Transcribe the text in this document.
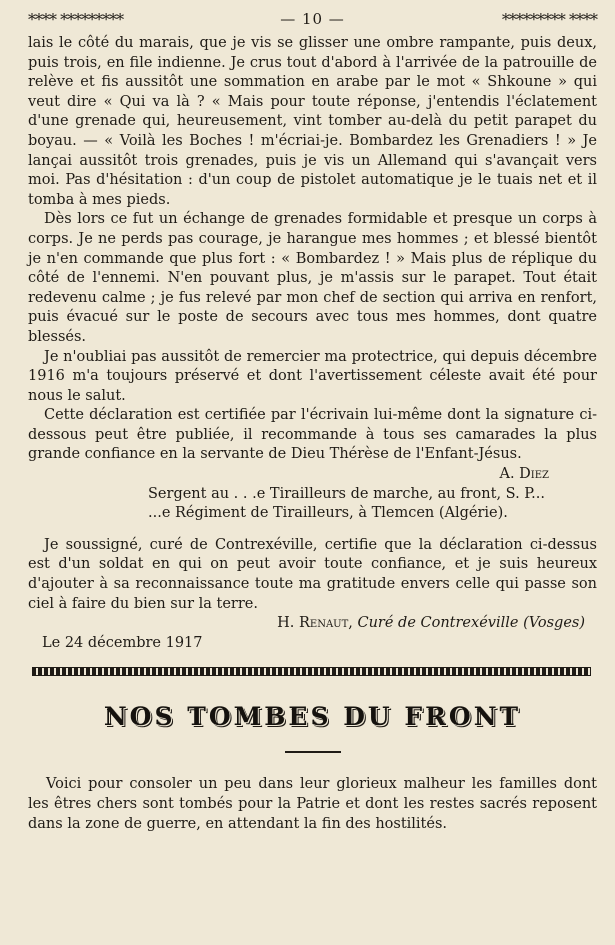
**** *********	— 10 —	********* ****

lais le côté du marais, que je vis se glisser une ombre rampante, puis deux, puis trois, en file indienne. Je crus tout d'abord à l'arrivée de la patrouille de relève et fis aussitôt une sommation en arabe par le mot « Shkoune » qui veut dire « Qui va là ? « Mais pour toute réponse, j'entendis l'éclatement d'une grenade qui, heureusement, vint tomber au-delà du petit parapet du boyau. — « Voilà les Boches ! m'écriai-je. Bombardez les Grenadiers ! » Je lançai aussitôt trois grenades, puis je vis un Allemand qui s'avançait vers moi. Pas d'hésitation : d'un coup de pistolet automatique je le tuais net et il tomba à mes pieds.

Dès lors ce fut un échange de grenades formidable et presque un corps à corps. Je ne perds pas courage, je harangue mes hommes ; et blessé bientôt je n'en commande que plus fort : « Bombardez ! » Mais plus de réplique du côté de l'ennemi. N'en pouvant plus, je m'assis sur le parapet. Tout était redevenu calme ; je fus relevé par mon chef de section qui arriva en renfort, puis évacué sur le poste de secours avec tous mes hommes, dont quatre blessés.

Je n'oubliai pas aussitôt de remercier ma protectrice, qui depuis décembre 1916 m'a toujours préservé et dont l'avertissement céleste avait été pour nous le salut.

Cette déclaration est certifiée par l'écrivain lui-même dont la signature ci-dessous peut être publiée, il recommande à tous ses camarades la plus grande confiance en la servante de Dieu Thérèse de l'Enfant-Jésus.

A. Diez
Sergent au . . .e Tirailleurs de marche, au front, S. P...
...e Régiment de Tirailleurs, à Tlemcen (Algérie).

Je soussigné, curé de Contrexéville, certifie que la déclaration ci-dessus est d'un soldat en qui on peut avoir toute confiance, et je suis heureux d'ajouter à sa reconnaissance toute ma gratitude envers celle qui passe son ciel à faire du bien sur la terre.

H. Renaut, Curé de Contrexéville (Vosges)
Le 24 décembre 1917
NOS TOMBES DU FRONT

Voici pour consoler un peu dans leur glorieux malheur les familles dont les êtres chers sont tombés pour la Patrie et dont les restes sacrés reposent dans la zone de guerre, en attendant la fin des hostilités.
